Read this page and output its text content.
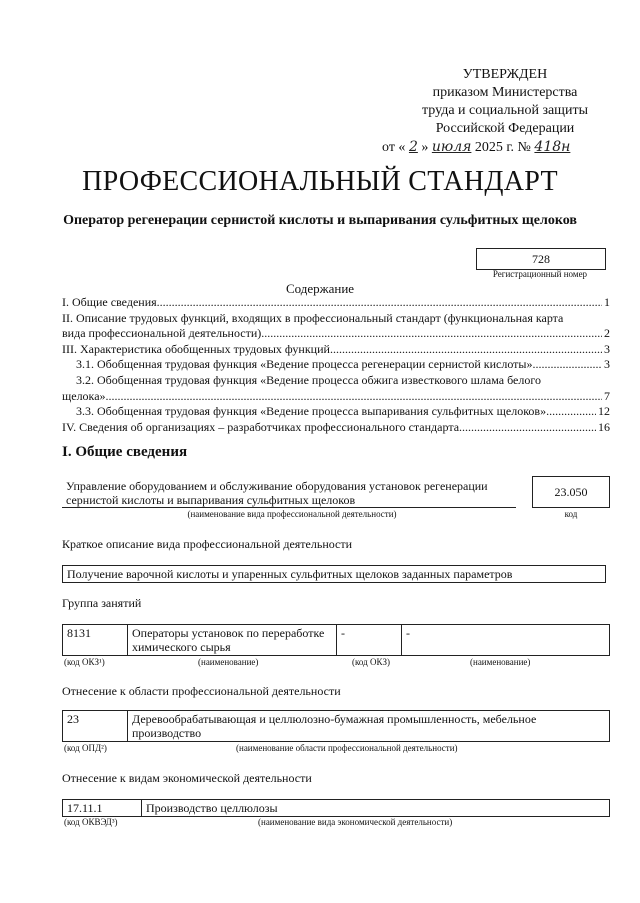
УТВЕРЖДЕН
приказом Министерства
труда и социальной защиты
Российской Федерации
от « 2 » июля 2025 г. № 418н
ПРОФЕССИОНАЛЬНЫЙ СТАНДАРТ
Оператор регенерации сернистой кислоты и выпаривания сульфитных щелоков
728
Регистрационный номер
Содержание
I. Общие сведения .....	1
II. Описание трудовых функций, входящих в профессиональный стандарт (функциональная карта
вида профессиональной деятельности) .....	2
III. Характеристика обобщенных трудовых функций .....	3
3.1. Обобщенная трудовая функция «Ведение процесса регенерации сернистой кислоты» .....	3
3.2. Обобщенная трудовая функция «Ведение процесса обжига известкового шлама белого
щелока» .....	7
3.3. Обобщенная трудовая функция «Ведение процесса выпаривания сульфитных щелоков» .....	12
IV. Сведения об организациях – разработчиках профессионального стандарта .....	16
I. Общие сведения
Управление оборудованием и обслуживание оборудования установок регенерации сернистой кислоты и выпаривания сульфитных щелоков
23.050
(наименование вида профессиональной деятельности)	код
Краткое описание вида профессиональной деятельности
Получение варочной кислоты и упаренных сульфитных щелоков заданных параметров
Группа занятий
8131	Операторы установок по переработке химического сырья	-	-
(код ОКЗ¹)	(наименование)	(код ОКЗ)	(наименование)
Отнесение к области профессиональной деятельности
23	Деревообрабатывающая и целлюлозно-бумажная промышленность, мебельное производство
(код ОПД²)	(наименование области профессиональной деятельности)
Отнесение к видам экономической деятельности
17.11.1	Производство целлюлозы
(код ОКВЭД³)	(наименование вида экономической деятельности)
